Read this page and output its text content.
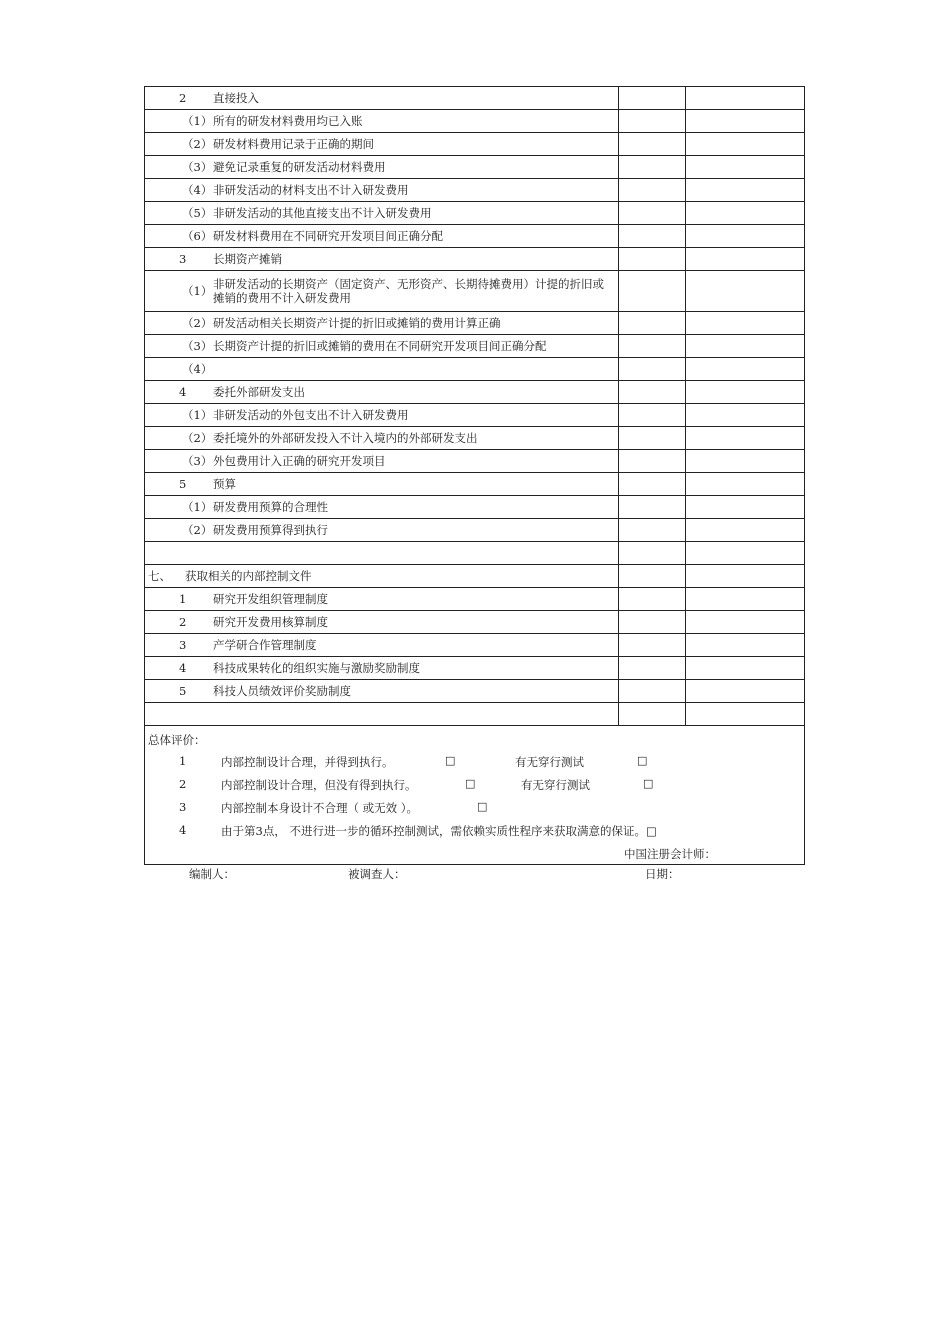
2 直接投入		

（1） 所有的研发材料费用均已入账		

（2） 研发材料费用记录于正确的期间		

（3） 避免记录重复的研发活动材料费用		

（4） 非研发活动的材料支出不计入研发费用		

（5） 非研发活动的其他直接支出不计入研发费用		

（6） 研发材料费用在不同研究开发项目间正确分配		

3 长期资产摊销		

（1） 非研发活动的长期资产（固定资产、无形资产、长期待摊费用）计提的折旧或摊销的费用不计入研发费用		

（2） 研发活动相关长期资产计提的折旧或摊销的费用计算正确		

（3） 长期资产计提的折旧或摊销的费用在不同研究开发项目间正确分配		

（4）		

4 委托外部研发支出		

（1） 非研发活动的外包支出不计入研发费用		

（2） 委托境外的外部研发投入不计入境内的外部研发支出		

（3） 外包费用计入正确的研究开发项目		

5 预算		

（1） 研发费用预算的合理性		

（2） 研发费用预算得到执行		

七、 获取相关的内部控制文件		

1 研究开发组织管理制度		

2 研究开发费用核算制度		

3 产学研合作管理制度		

4 科技成果转化的组织实施与激励奖励制度		

5 科技人员绩效评价奖励制度		

总体评价：
1	内部控制设计合理，并得到执行。	□	有无穿行测试	□
2	内部控制设计合理，但没有得到执行。	□	有无穿行测试	□
3	内部控制本身设计不合理（ 或无效 ）。	□
4	由于第3点， 不进行进一步的循环控制测试，需依赖实质性程序来获取满意的保证。□
中国注册会计师：
编制人：	被调查人：	日期：
